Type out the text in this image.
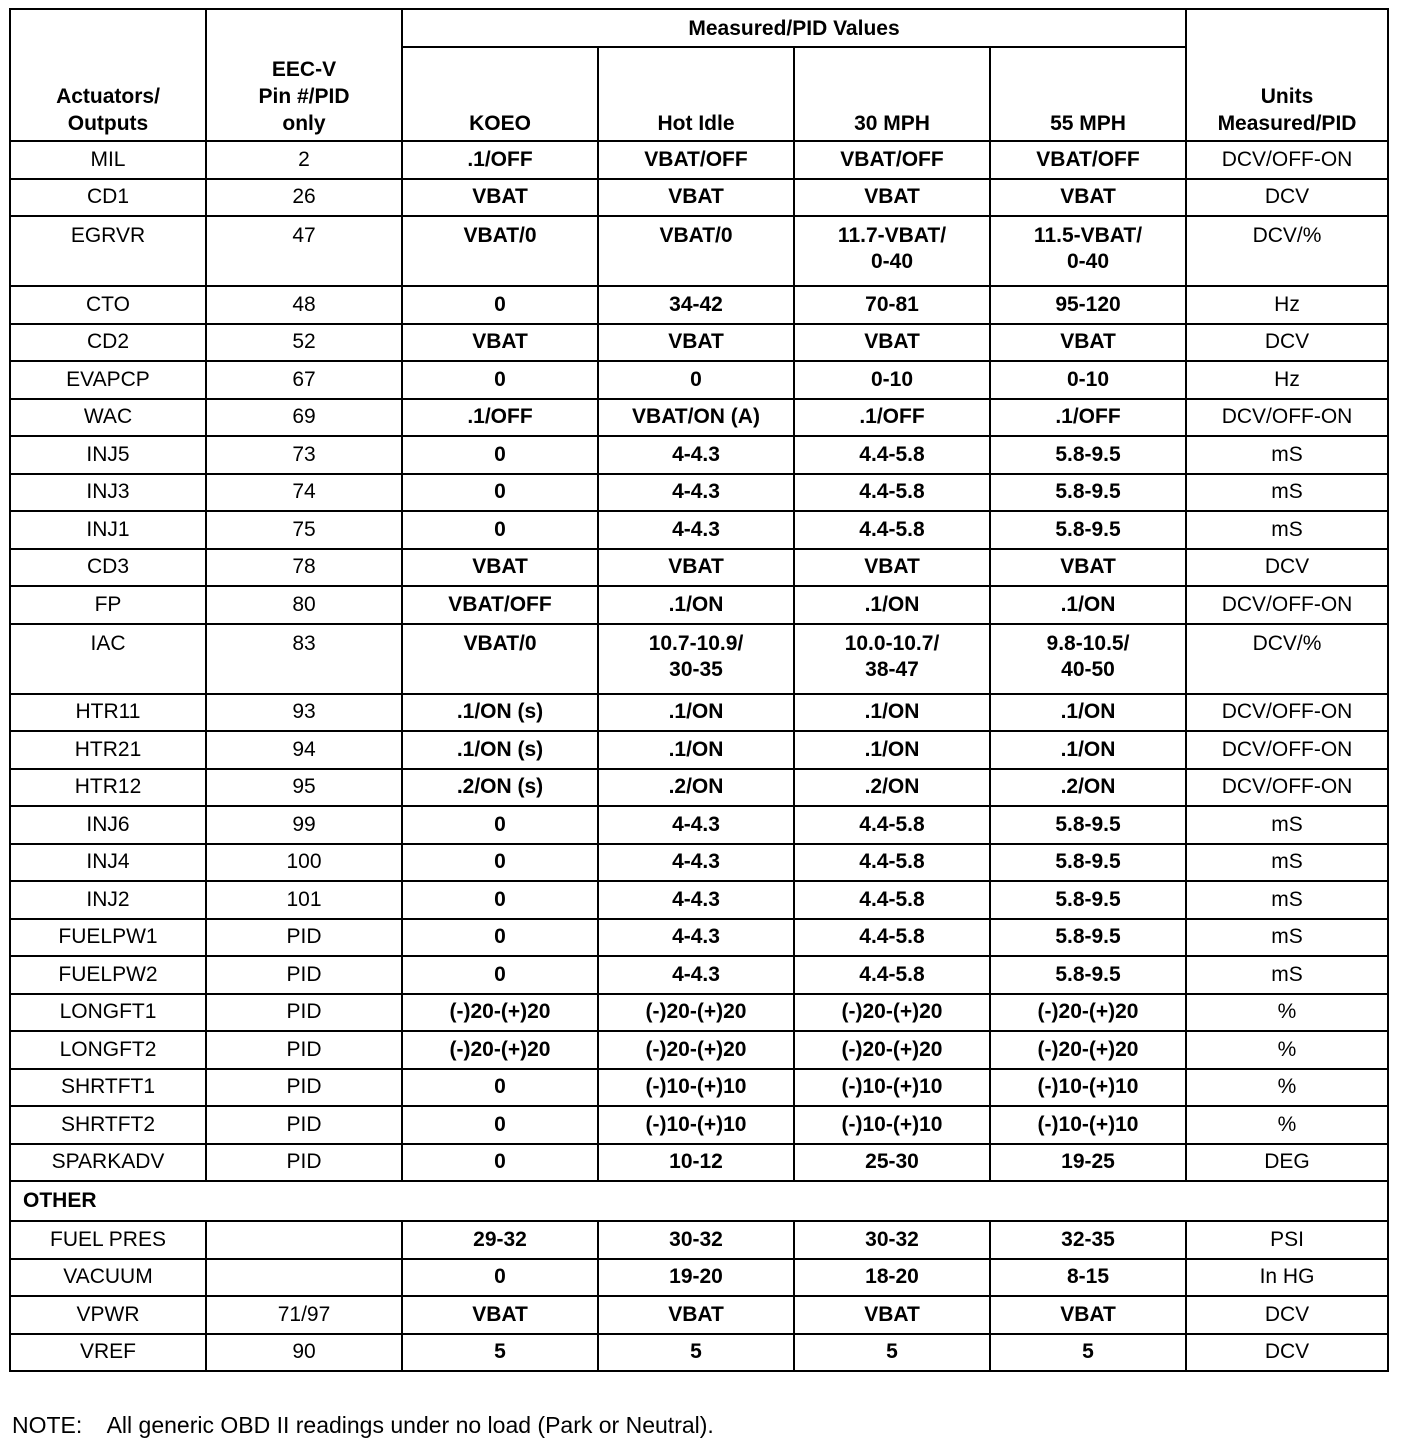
Actuators/
Outputs	EEC-V
Pin #/PID
only	Measured/PID Values				Units
Measured/PID
		KOEO	Hot Idle	30 MPH	55 MPH	
MIL	2	.1/OFF	VBAT/OFF	VBAT/OFF	VBAT/OFF	DCV/OFF-ON
CD1	26	VBAT	VBAT	VBAT	VBAT	DCV
EGRVR	47	VBAT/0	VBAT/0	11.7-VBAT/
0-40	11.5-VBAT/
0-40	DCV/%
CTO	48	0	34-42	70-81	95-120	Hz
CD2	52	VBAT	VBAT	VBAT	VBAT	DCV
EVAPCP	67	0	0	0-10	0-10	Hz
WAC	69	.1/OFF	VBAT/ON (A)	.1/OFF	.1/OFF	DCV/OFF-ON
INJ5	73	0	4-4.3	4.4-5.8	5.8-9.5	mS
INJ3	74	0	4-4.3	4.4-5.8	5.8-9.5	mS
INJ1	75	0	4-4.3	4.4-5.8	5.8-9.5	mS
CD3	78	VBAT	VBAT	VBAT	VBAT	DCV
FP	80	VBAT/OFF	.1/ON	.1/ON	.1/ON	DCV/OFF-ON
IAC	83	VBAT/0	10.7-10.9/
30-35	10.0-10.7/
38-47	9.8-10.5/
40-50	DCV/%
HTR11	93	.1/ON (s)	.1/ON	.1/ON	.1/ON	DCV/OFF-ON
HTR21	94	.1/ON (s)	.1/ON	.1/ON	.1/ON	DCV/OFF-ON
HTR12	95	.2/ON (s)	.2/ON	.2/ON	.2/ON	DCV/OFF-ON
INJ6	99	0	4-4.3	4.4-5.8	5.8-9.5	mS
INJ4	100	0	4-4.3	4.4-5.8	5.8-9.5	mS
INJ2	101	0	4-4.3	4.4-5.8	5.8-9.5	mS
FUELPW1	PID	0	4-4.3	4.4-5.8	5.8-9.5	mS
FUELPW2	PID	0	4-4.3	4.4-5.8	5.8-9.5	mS
LONGFT1	PID	(-)20-(+)20	(-)20-(+)20	(-)20-(+)20	(-)20-(+)20	%
LONGFT2	PID	(-)20-(+)20	(-)20-(+)20	(-)20-(+)20	(-)20-(+)20	%
SHRTFT1	PID	0	(-)10-(+)10	(-)10-(+)10	(-)10-(+)10	%
SHRTFT2	PID	0	(-)10-(+)10	(-)10-(+)10	(-)10-(+)10	%
SPARKADV	PID	0	10-12	25-30	19-25	DEG
OTHER						
FUEL PRES		29-32	30-32	30-32	32-35	PSI
VACUUM		0	19-20	18-20	8-15	In HG
VPWR	71/97	VBAT	VBAT	VBAT	VBAT	DCV
VREF	90	5	5	5	5	DCV
NOTE:    All generic OBD II readings under no load (Park or Neutral).
